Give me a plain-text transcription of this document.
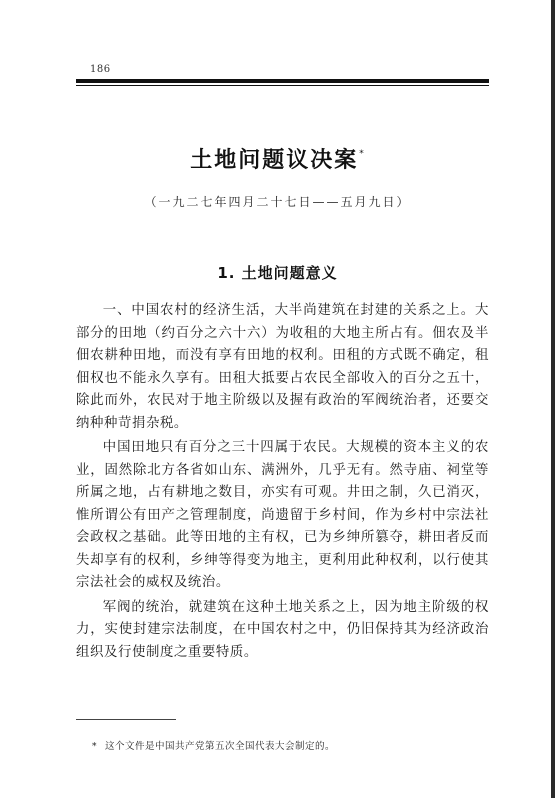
186
土地问题议决案*
（一九二七年四月二十七日——五月九日）
1. 土地问题意义

一、中国农村的经济生活，大半尚建筑在封建的关系之上。大部分的田地（约百分之六十六）为收租的大地主所占有。佃农及半佃农耕种田地，而没有享有田地的权利。田租的方式既不确定，租佃权也不能永久享有。田租大抵要占农民全部收入的百分之五十，除此而外，农民对于地主阶级以及握有政治的军阀统治者，还要交纳种种苛捐杂税。

中国田地只有百分之三十四属于农民。大规模的资本主义的农业，固然除北方各省如山东、满洲外，几乎无有。然寺庙、祠堂等所属之地，占有耕地之数目，亦实有可观。井田之制，久已消灭，惟所谓公有田产之管理制度，尚遗留于乡村间，作为乡村中宗法社会政权之基础。此等田地的主有权，已为乡绅所篡夺，耕田者反而失却享有的权利，乡绅等得变为地主，更利用此种权利，以行使其宗法社会的威权及统治。

军阀的统治，就建筑在这种土地关系之上，因为地主阶级的权力，实使封建宗法制度，在中国农村之中，仍旧保持其为经济政治组织及行使制度之重要特质。

* 这个文件是中国共产党第五次全国代表大会制定的。
